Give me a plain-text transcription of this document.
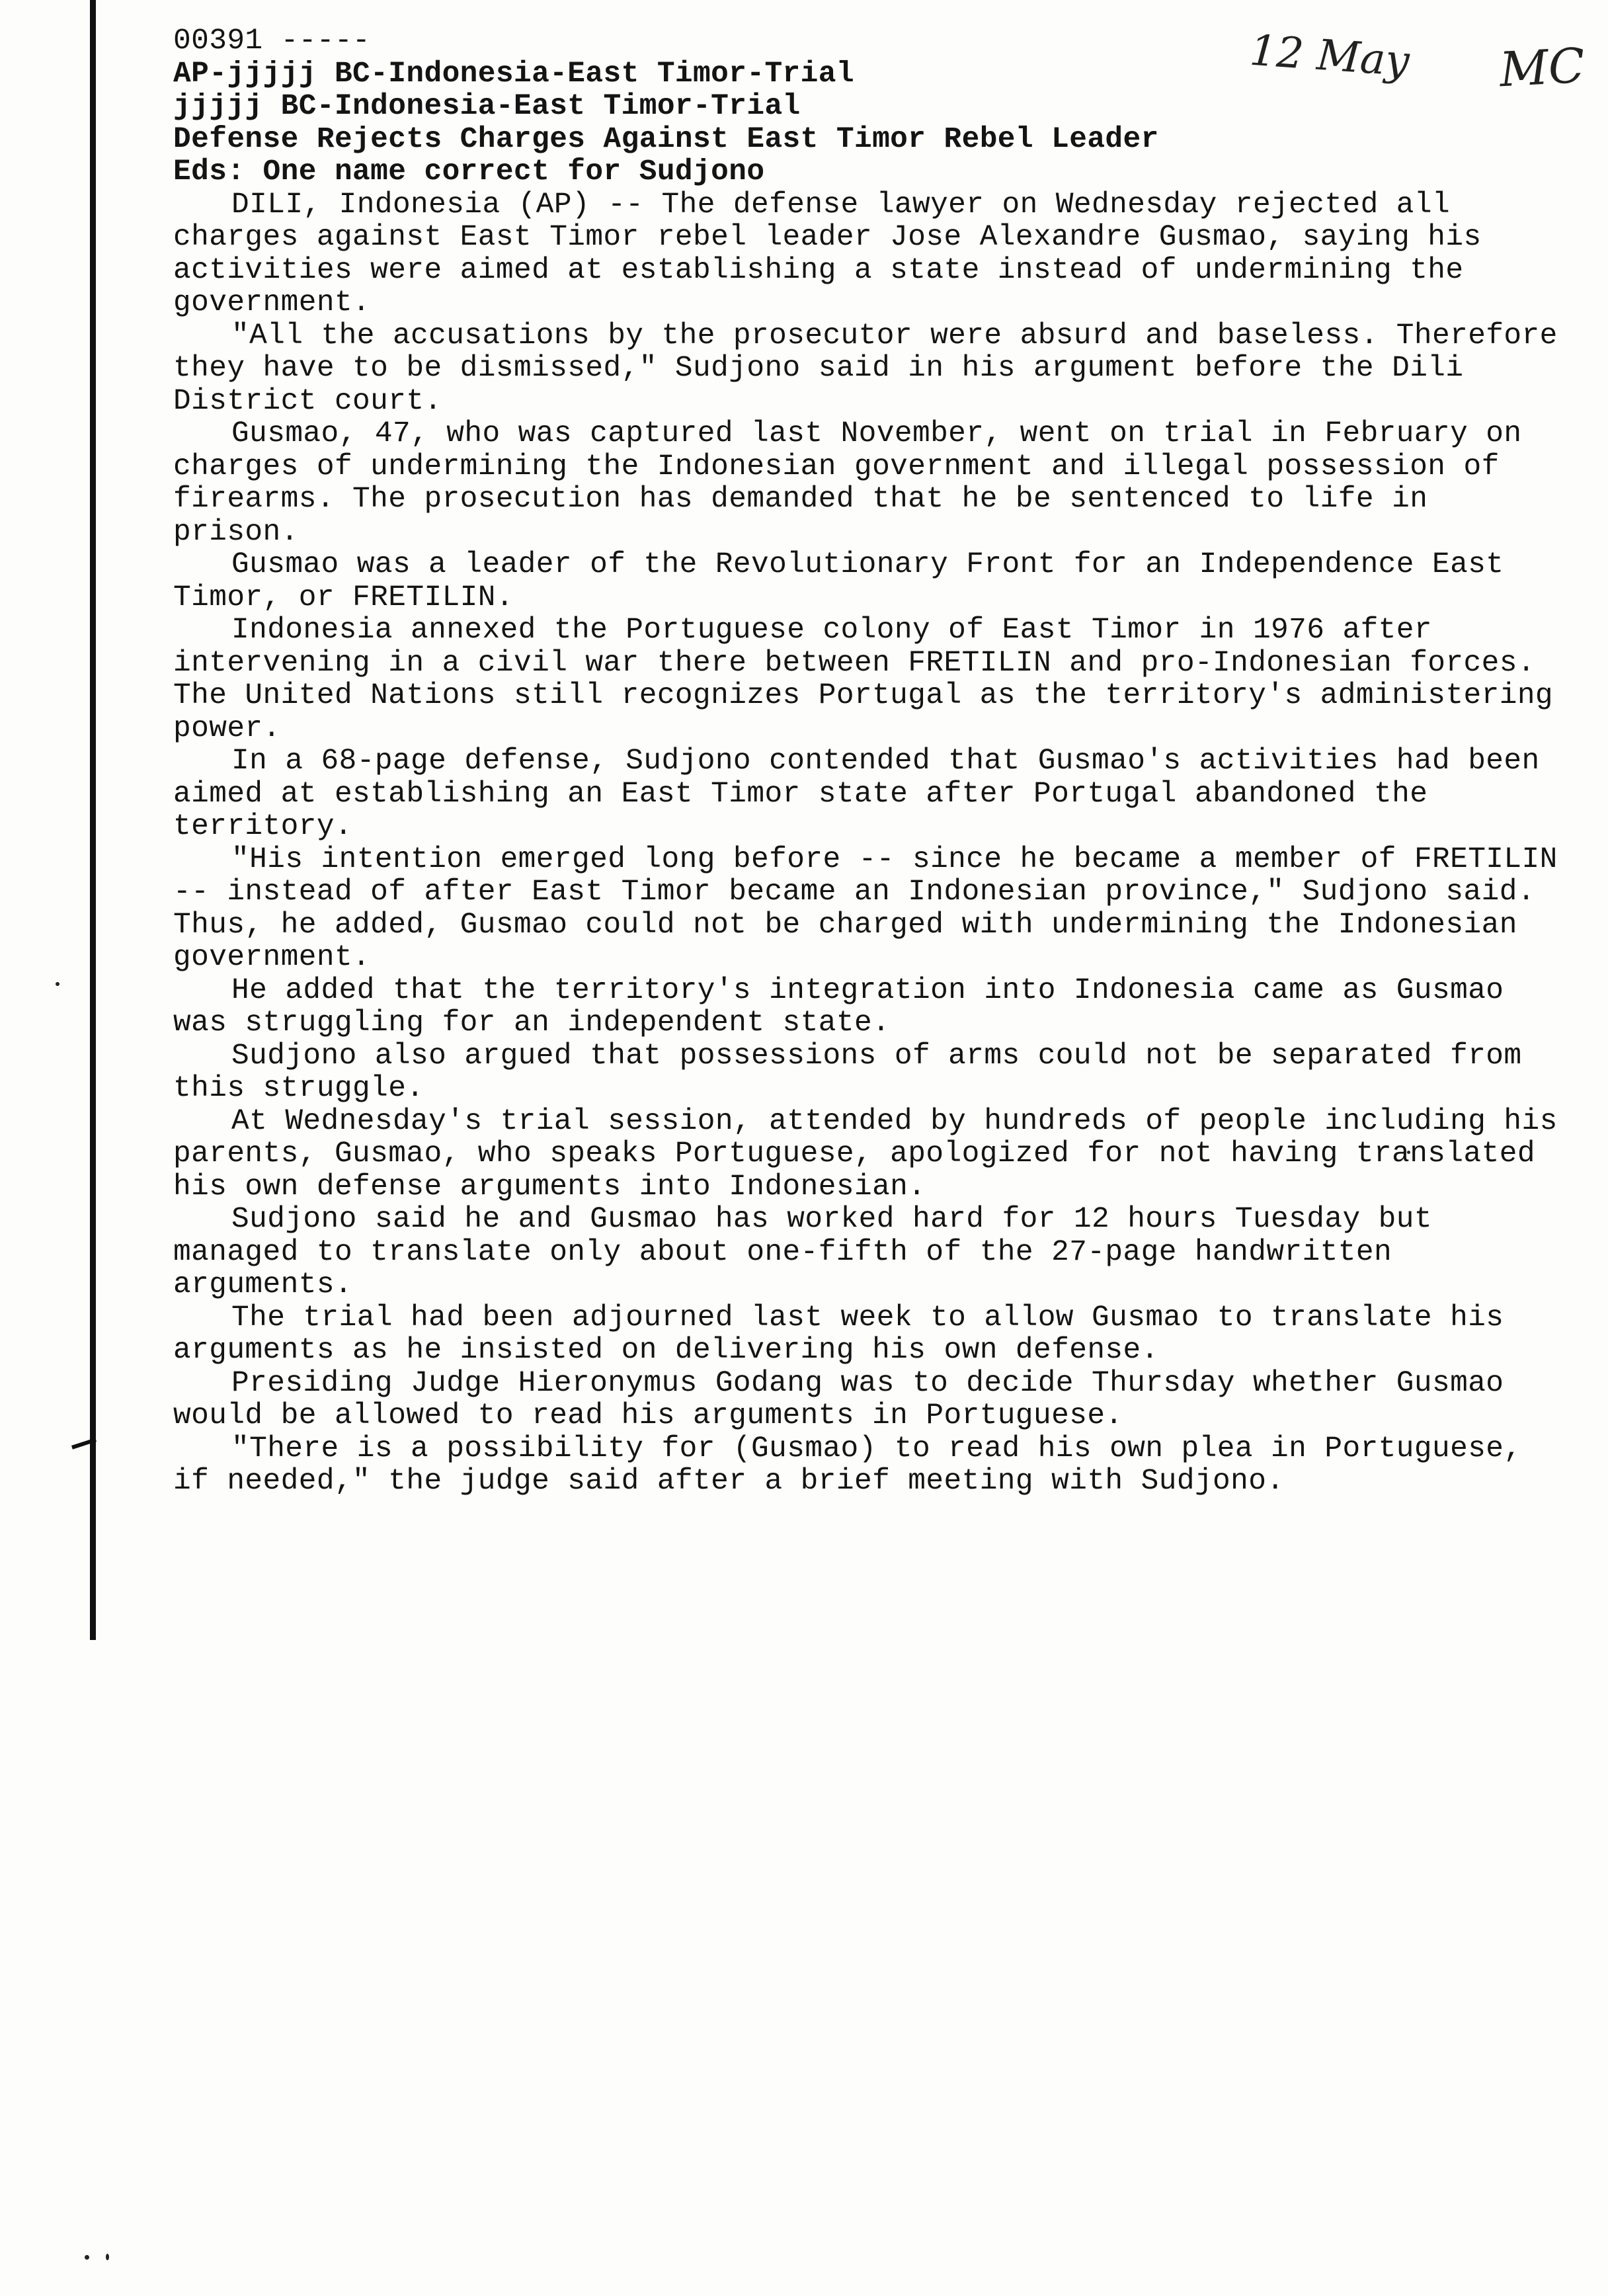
12 May MC
00391 -----
AP-jjjjj BC-Indonesia-East Timor-Trial
jjjjj BC-Indonesia-East Timor-Trial
Defense Rejects Charges Against East Timor Rebel Leader
Eds: One name correct for Sudjono
DILI, Indonesia (AP) -- The defense lawyer on Wednesday rejected all charges against East Timor rebel leader Jose Alexandre Gusmao, saying his activities were aimed at establishing a state instead of undermining the government.
"All the accusations by the prosecutor were absurd and baseless. Therefore they have to be dismissed," Sudjono said in his argument before the Dili District court.
Gusmao, 47, who was captured last November, went on trial in February on charges of undermining the Indonesian government and illegal possession of firearms. The prosecution has demanded that he be sentenced to life in prison.
Gusmao was a leader of the Revolutionary Front for an Independence East Timor, or FRETILIN.
Indonesia annexed the Portuguese colony of East Timor in 1976 after intervening in a civil war there between FRETILIN and pro-Indonesian forces. The United Nations still recognizes Portugal as the territory's administering power.
In a 68-page defense, Sudjono contended that Gusmao's activities had been aimed at establishing an East Timor state after Portugal abandoned the territory.
"His intention emerged long before -- since he became a member of FRETILIN -- instead of after East Timor became an Indonesian province," Sudjono said. Thus, he added, Gusmao could not be charged with undermining the Indonesian government.
He added that the territory's integration into Indonesia came as Gusmao was struggling for an independent state.
Sudjono also argued that possessions of arms could not be separated from this struggle.
At Wednesday's trial session, attended by hundreds of people including his parents, Gusmao, who speaks Portuguese, apologized for not having translated his own defense arguments into Indonesian.
Sudjono said he and Gusmao has worked hard for 12 hours Tuesday but managed to translate only about one-fifth of the 27-page handwritten arguments.
The trial had been adjourned last week to allow Gusmao to translate his arguments as he insisted on delivering his own defense.
Presiding Judge Hieronymus Godang was to decide Thursday whether Gusmao would be allowed to read his arguments in Portuguese.
"There is a possibility for (Gusmao) to read his own plea in Portuguese, if needed," the judge said after a brief meeting with Sudjono.
